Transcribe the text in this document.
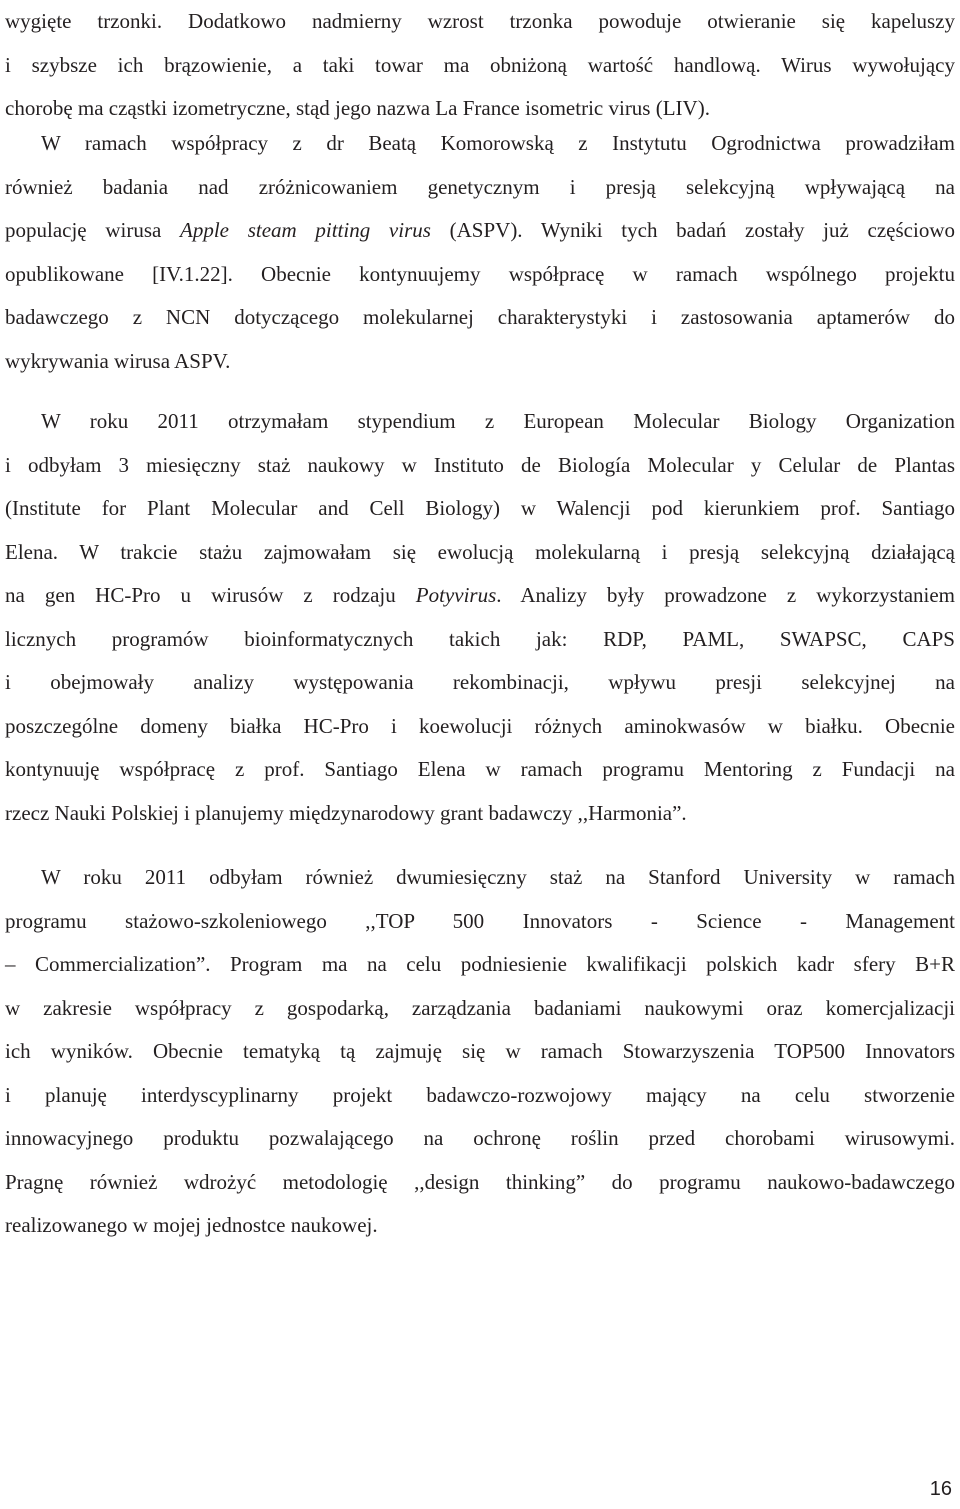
wygięte trzonki. Dodatkowo nadmierny wzrost trzonka powoduje otwieranie się kapeluszy
i szybsze ich brązowienie, a taki towar ma obniżoną wartość handlową. Wirus wywołujący
chorobę ma cząstki izometryczne, stąd jego nazwa La France isometric virus (LIV).
W ramach współpracy z dr Beatą Komorowską z Instytutu Ogrodnictwa prowadziłam
również badania nad zróżnicowaniem genetycznym i presją selekcyjną wpływającą na
populację wirusa Apple steam pitting virus (ASPV). Wyniki tych badań zostały już częściowo
opublikowane [IV.1.22]. Obecnie kontynuujemy współpracę w ramach wspólnego projektu
badawczego z NCN dotyczącego molekularnej charakterystyki i zastosowania aptamerów do
wykrywania wirusa ASPV.
W roku 2011 otrzymałam stypendium z European Molecular Biology Organization
i odbyłam 3 miesięczny staż naukowy w Instituto de Biología Molecular y Celular de Plantas
(Institute for Plant Molecular and Cell Biology) w Walencji pod kierunkiem prof. Santiago
Elena. W trakcie stażu zajmowałam się ewolucją molekularną i presją selekcyjną działającą
na gen HC-Pro u wirusów z rodzaju Potyvirus. Analizy były prowadzone z wykorzystaniem
licznych programów bioinformatycznych takich jak: RDP, PAML, SWAPSC, CAPS
i obejmowały analizy występowania rekombinacji, wpływu presji selekcyjnej na
poszczególne domeny białka HC-Pro i koewolucji różnych aminokwasów w białku. Obecnie
kontynuuję współpracę z prof. Santiago Elena w ramach programu Mentoring z Fundacji na
rzecz Nauki Polskiej i planujemy międzynarodowy grant badawczy ,,Harmonia”.
W roku 2011 odbyłam również dwumiesięczny staż na Stanford University w ramach
programu stażowo-szkoleniowego ,,TOP 500 Innovators - Science - Management
– Commercialization”. Program ma na celu podniesienie kwalifikacji polskich kadr sfery B+R
w zakresie współpracy z gospodarką, zarządzania badaniami naukowymi oraz komercjalizacji
ich wyników. Obecnie tematyką tą zajmuję się w ramach Stowarzyszenia TOP500 Innovators
i planuję interdyscyplinarny projekt badawczo-rozwojowy mający na celu stworzenie
innowacyjnego produktu pozwalającego na ochronę roślin przed chorobami wirusowymi.
Pragnę również wdrożyć metodologię ,,design thinking” do programu naukowo-badawczego
realizowanego w mojej jednostce naukowej.
16
